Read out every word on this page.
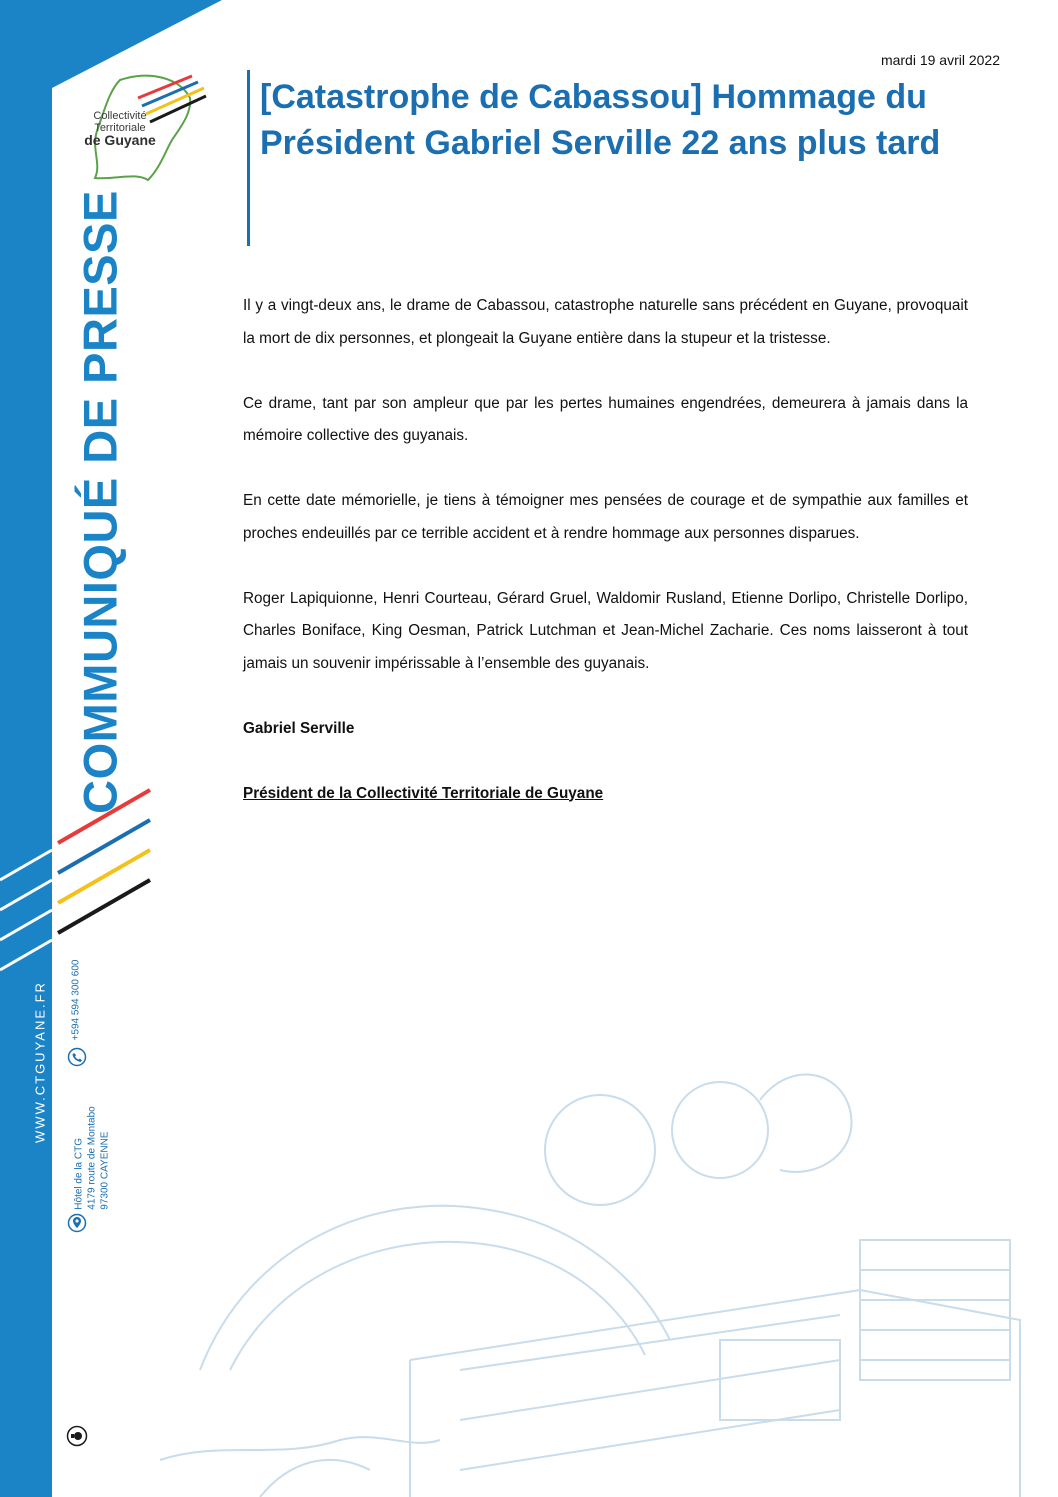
Collectivité
Territoriale
de Guyane
COMMUNIQUÉ DE PRESSE
WWW.CTGUYANE.FR +594 594 300 600
Hôtel de la CTG 4179 route de Montabo 97300 CAYENNE
mardi 19 avril 2022
[Catastrophe de Cabassou] Hommage du
Président Gabriel Serville 22 ans plus tard

Il y a vingt-deux ans, le drame de Cabassou, catastrophe naturelle sans précédent en Guyane, provoquait la mort de dix personnes, et plongeait la Guyane entière dans la stupeur et la tristesse.

Ce drame, tant par son ampleur que par les pertes humaines engendrées, demeurera à jamais dans la mémoire collective des guyanais.

En cette date mémorielle, je tiens à témoigner mes pensées de courage et de sympathie aux familles et proches endeuillés par ce terrible accident et à rendre hommage aux personnes disparues.

Roger Lapiquionne, Henri Courteau, Gérard Gruel, Waldomir Rusland, Etienne Dorlipo, Christelle Dorlipo, Charles Boniface, King Oesman, Patrick Lutchman et Jean-Michel Zacharie. Ces noms laisseront à tout jamais un souvenir impérissable à l’ensemble des guyanais.

Gabriel Serville

Président de la Collectivité Territoriale de Guyane
